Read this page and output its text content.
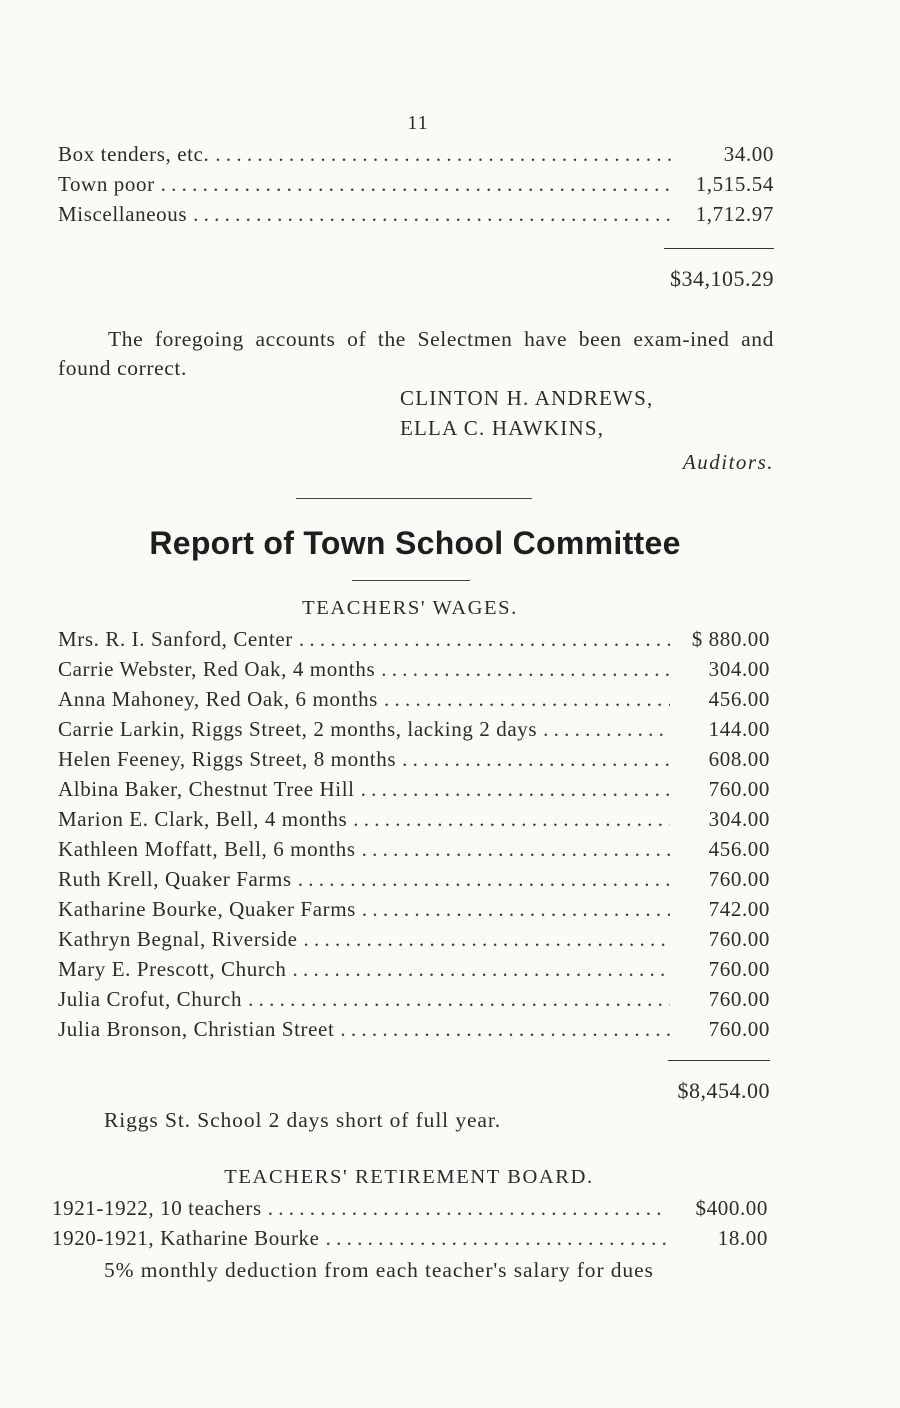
11
Box tenders, etc. . . .	34.00
Town poor . . .	1,515.54
Miscellaneous . . .	1,712.97
$34,105.29
The foregoing accounts of the Selectmen have been exam-ined and found correct.
CLINTON H. ANDREWS,
ELLA C. HAWKINS,
Auditors.
Report of Town School Committee
TEACHERS' WAGES.
Mrs. R. I. Sanford, Center . . .	$ 880.00
Carrie Webster, Red Oak, 4 months . . .	304.00
Anna Mahoney, Red Oak, 6 months . . .	456.00
Carrie Larkin, Riggs Street, 2 months, lacking 2 days . . .	144.00
Helen Feeney, Riggs Street, 8 months . . .	608.00
Albina Baker, Chestnut Tree Hill . . .	760.00
Marion E. Clark, Bell, 4 months . . .	304.00
Kathleen Moffatt, Bell, 6 months . . .	456.00
Ruth Krell, Quaker Farms . . .	760.00
Katharine Bourke, Quaker Farms . . .	742.00
Kathryn Begnal, Riverside . . .	760.00
Mary E. Prescott, Church . . .	760.00
Julia Crofut, Church . . .	760.00
Julia Bronson, Christian Street . . .	760.00
$8,454.00
Riggs St. School 2 days short of full year.
TEACHERS' RETIREMENT BOARD.
1921-1922, 10 teachers . . .	$400.00
1920-1921, Katharine Bourke . . .	18.00
5% monthly deduction from each teacher's salary for dues
